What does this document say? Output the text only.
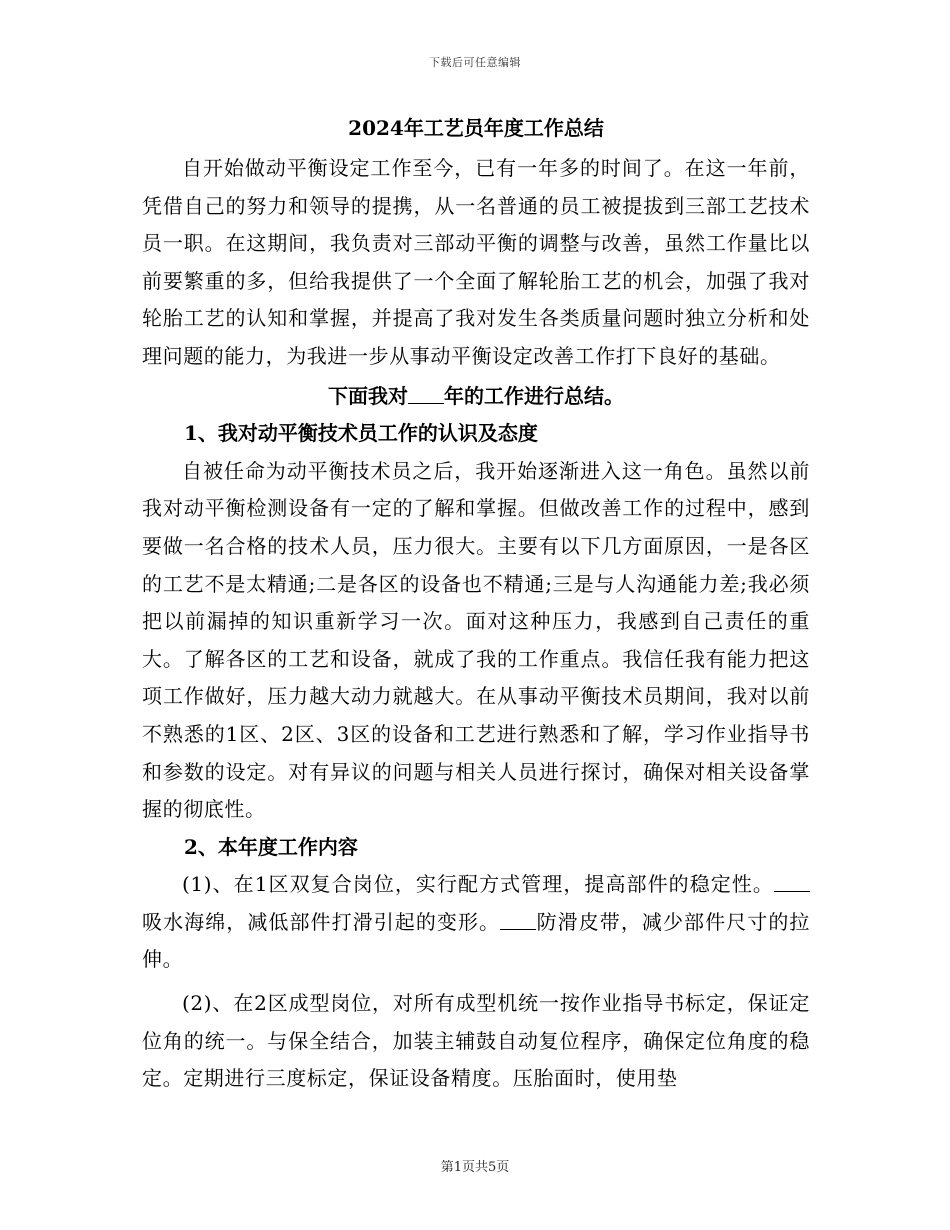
下载后可任意编辑
2024年工艺员年度工作总结

自开始做动平衡设定工作至今，已有一年多的时间了。在这一年前，凭借自己的努力和领导的提携，从一名普通的员工被提拔到三部工艺技术员一职。在这期间，我负责对三部动平衡的调整与改善，虽然工作量比以前要繁重的多，但给我提供了一个全面了解轮胎工艺的机会，加强了我对轮胎工艺的认知和掌握，并提高了我对发生各类质量问题时独立分析和处理问题的能力，为我进一步从事动平衡设定改善工作打下良好的基础。

下面我对 年的工作进行总结。

1、我对动平衡技术员工作的认识及态度

自被任命为动平衡技术员之后，我开始逐渐进入这一角色。虽然以前我对动平衡检测设备有一定的了解和掌握。但做改善工作的过程中，感到要做一名合格的技术人员，压力很大。主要有以下几方面原因，一是各区的工艺不是太精通;二是各区的设备也不精通;三是与人沟通能力差;我必须把以前漏掉的知识重新学习一次。面对这种压力，我感到自己责任的重大。了解各区的工艺和设备，就成了我的工作重点。我信任我有能力把这项工作做好，压力越大动力就越大。在从事动平衡技术员期间，我对以前不熟悉的1区、2区、3区的设备和工艺进行熟悉和了解，学习作业指导书和参数的设定。对有异议的问题与相关人员进行探讨，确保对相关设备掌握的彻底性。

2、本年度工作内容

(1)、在1区双复合岗位，实行配方式管理，提高部件的稳定性。吸水海绵，减低部件打滑引起的变形。 防滑皮带，减少部件尺寸的拉伸。

(2)、在2区成型岗位，对所有成型机统一按作业指导书标定，保证定位角的统一。与保全结合，加装主辅鼓自动复位程序，确保定位角度的稳定。定期进行三度标定，保证设备精度。压胎面时，使用垫

第1页共5页
